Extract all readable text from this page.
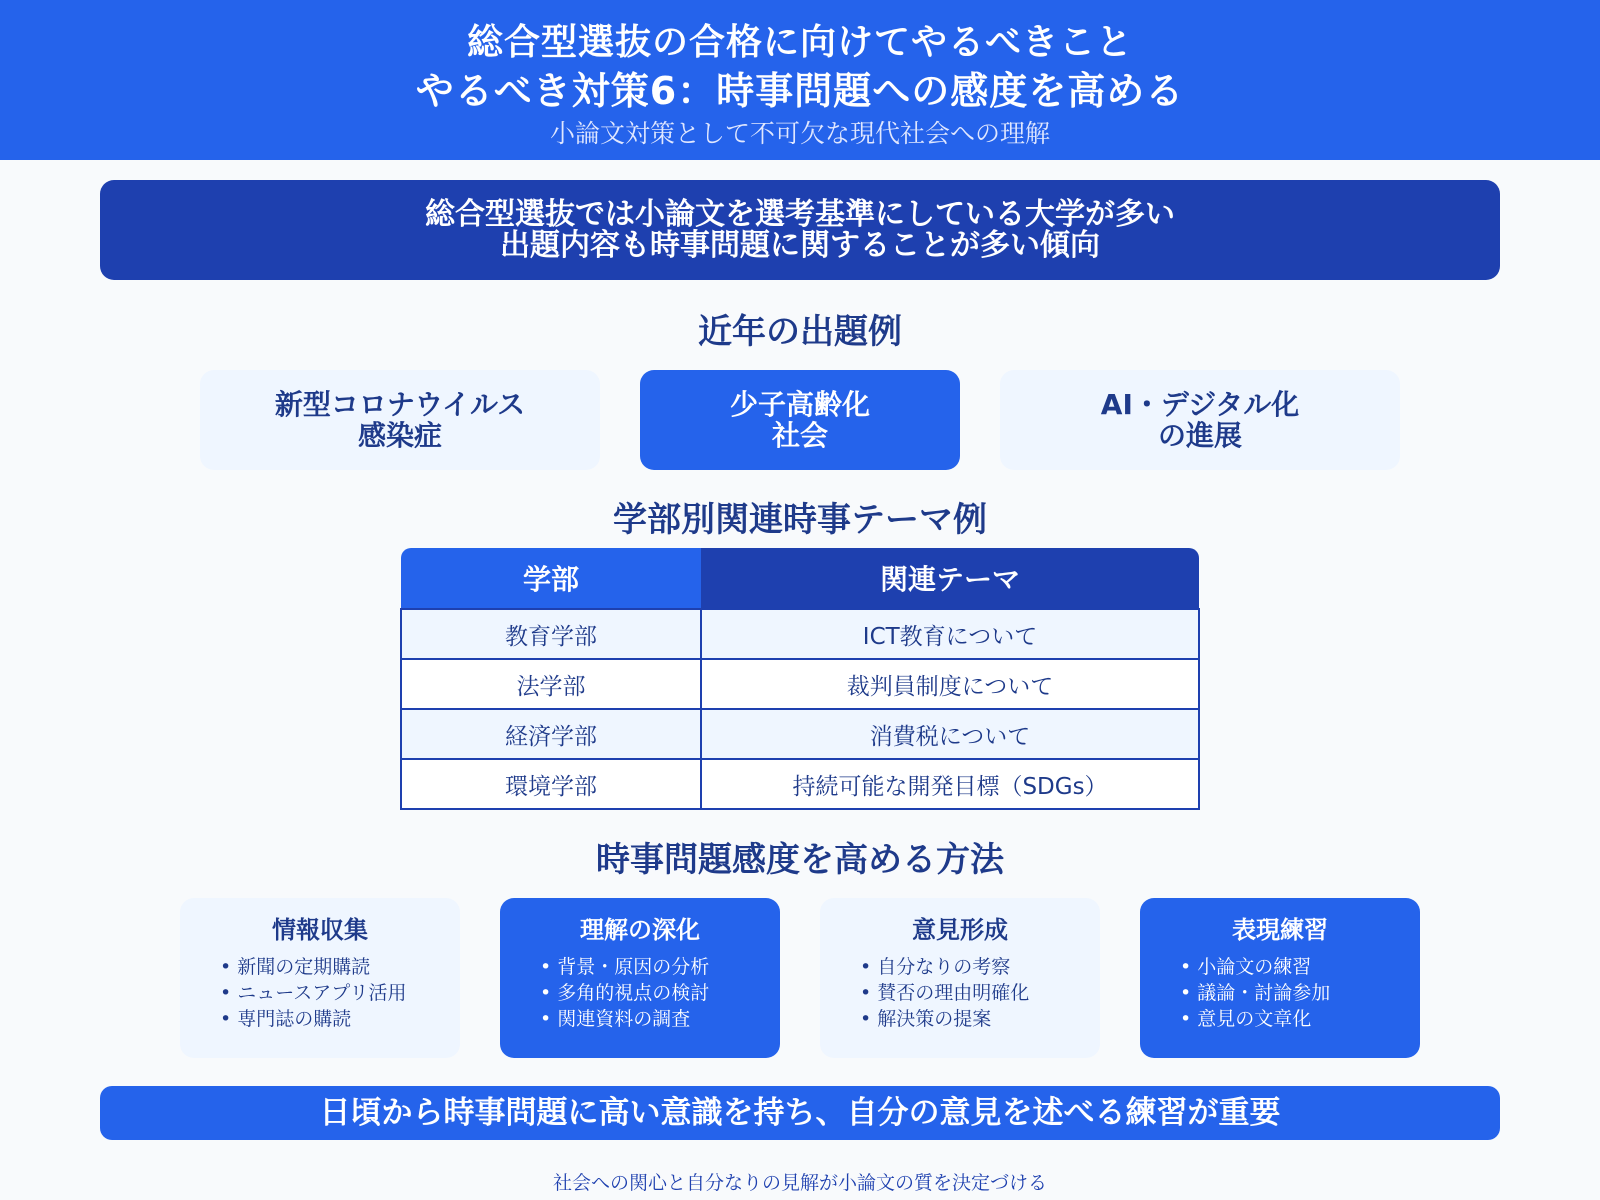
総合型選抜の合格に向けてやるべきこと
やるべき対策6：時事問題への感度を高める
小論文対策として不可欠な現代社会への理解
総合型選抜では小論文を選考基準にしている大学が多い
出題内容も時事問題に関することが多い傾向
近年の出題例
新型コロナウイルス
感染症
少子高齢化
社会
AI・デジタル化
の進展
学部別関連時事テーマ例
学部	関連テーマ
教育学部	ICT教育について
法学部	裁判員制度について
経済学部	消費税について
環境学部	持続可能な開発目標（SDGs）
時事問題感度を高める方法
情報収集
• 新聞の定期購読
• ニュースアプリ活用
• 専門誌の購読
理解の深化
• 背景・原因の分析
• 多角的視点の検討
• 関連資料の調査
意見形成
• 自分なりの考察
• 賛否の理由明確化
• 解決策の提案
表現練習
• 小論文の練習
• 議論・討論参加
• 意見の文章化
日頃から時事問題に高い意識を持ち、自分の意見を述べる練習が重要
社会への関心と自分なりの見解が小論文の質を決定づける
